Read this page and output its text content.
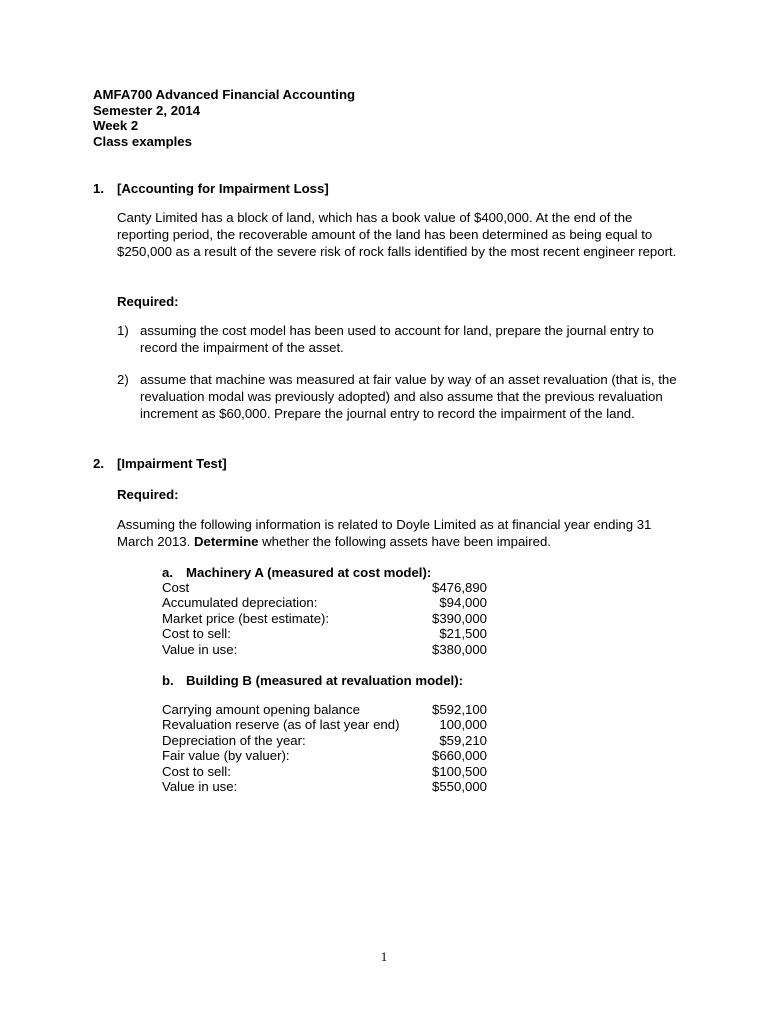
AMFA700 Advanced Financial Accounting
Semester 2, 2014
Week 2
Class examples
1. [Accounting for Impairment Loss]
Canty Limited has a block of land, which has a book value of $400,000. At the end of the reporting period, the recoverable amount of the land has been determined as being equal to $250,000 as a result of the severe risk of rock falls identified by the most recent engineer report.
Required:
1) assuming the cost model has been used to account for land, prepare the journal entry to record the impairment of the asset.
2) assume that machine was measured at fair value by way of an asset revaluation (that is, the revaluation modal was previously adopted) and also assume that the previous revaluation increment as $60,000. Prepare the journal entry to record the impairment of the land.
2. [Impairment Test]
Required:
Assuming the following information is related to Doyle Limited as at financial year ending 31 March 2013. Determine whether the following assets have been impaired.
a. Machinery A (measured at cost model):
Cost	$476,890
Accumulated depreciation:	$94,000
Market price (best estimate):	$390,000
Cost to sell:	$21,500
Value in use:	$380,000
b. Building B (measured at revaluation model):
Carrying amount opening balance	$592,100
Revaluation reserve (as of last year end)	100,000
Depreciation of the year:	$59,210
Fair value (by valuer):	$660,000
Cost to sell:	$100,500
Value in use:	$550,000
1
